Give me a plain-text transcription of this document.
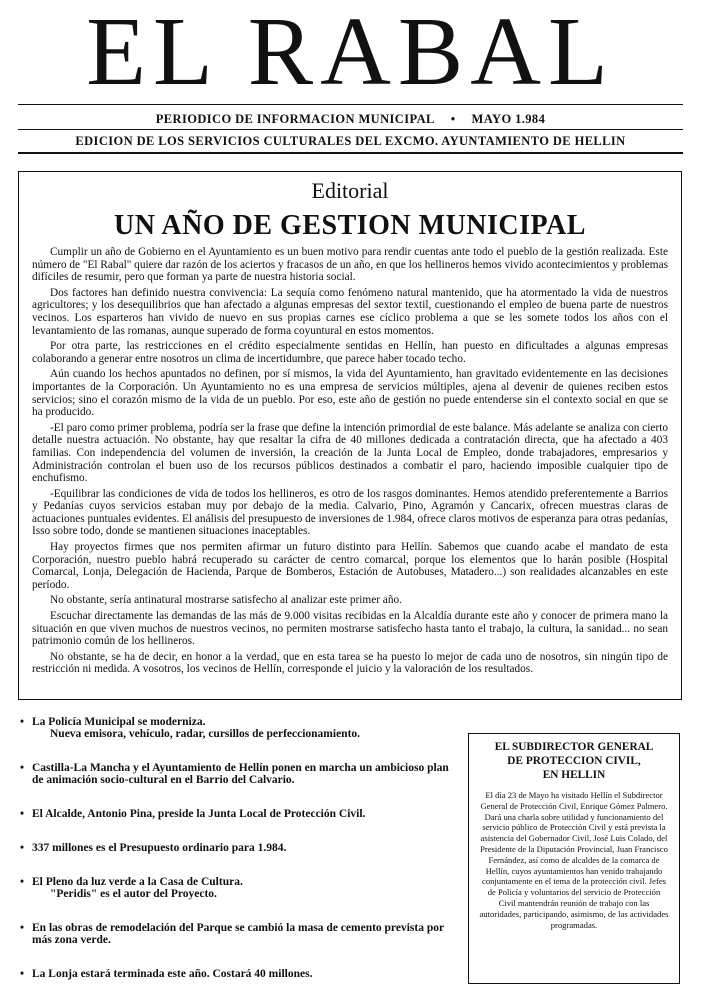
EL RABAL
PERIODICO DE INFORMACION MUNICIPAL • MAYO 1.984
EDICION DE LOS SERVICIOS CULTURALES DEL EXCMO. AYUNTAMIENTO DE HELLIN
Editorial
UN AÑO DE GESTION MUNICIPAL

Cumplir un año de Gobierno en el Ayuntamiento es un buen motivo para rendir cuentas ante todo el pueblo de la gestión realizada. Este número de "El Rabal" quiere dar razón de los aciertos y fracasos de un año, en que los hellineros hemos vivido acontecimientos y problemas difíciles de resumir, pero que forman ya parte de nuestra historia social.

Dos factores han definido nuestra convivencia: La sequía como fenómeno natural mantenido, que ha atormentado la vida de nuestros agricultores; y los desequilibrios que han afectado a algunas empresas del sextor textil, cuestionando el empleo de buena parte de nuestros vecinos. Los esparteros han vivido de nuevo en sus propias carnes ese cíclico problema a que se les somete todos los años con el levantamiento de las romanas, aunque superado de forma coyuntural en estos momentos.

Por otra parte, las restricciones en el crédito especialmente sentidas en Hellín, han puesto en dificultades a algunas empresas colaborando a generar entre nosotros un clima de incertidumbre, que parece haber tocado techo.

Aún cuando los hechos apuntados no definen, por sí mismos, la vida del Ayuntamiento, han gravitado evidentemente en las decisiones importantes de la Corporación. Un Ayuntamiento no es una empresa de servicios múltiples, ajena al devenir de quienes reciben estos servicios; sino el corazón mismo de la vida de un pueblo. Por eso, este año de gestión no puede entenderse sin el contexto social en que se ha producido.

-El paro como primer problema, podría ser la frase que define la intención primordial de este balance. Más adelante se analiza con cierto detalle nuestra actuación. No obstante, hay que resaltar la cifra de 40 millones dedicada a contratación directa, que ha afectado a 403 familias. Con independencia del volumen de inversión, la creación de la Junta Local de Empleo, donde trabajadores, empresarios y Administración controlan el buen uso de los recursos públicos destinados a combatir el paro, haciendo imposible cualquier tipo de enchufismo.

-Equilibrar las condiciones de vida de todos los hellineros, es otro de los rasgos dominantes. Hemos atendido preferentemente a Barrios y Pedanías cuyos servicios estaban muy por debajo de la media. Calvario, Pino, Agramón y Cancarix, ofrecen muestras claras de actuaciones puntuales evidentes. El análisis del presupuesto de inversiones de 1.984, ofrece claros motivos de esperanza para otras pedanías, Isso sobre todo, donde se mantienen situaciones inaceptables.

Hay proyectos firmes que nos permiten afirmar un futuro distinto para Hellín. Sabemos que cuando acabe el mandato de esta Corporación, nuestro pueblo habrá recuperado su carácter de centro comarcal, porque los elementos que lo harán posible (Hospital Comarcal, Lonja, Delegación de Hacienda, Parque de Bomberos, Estación de Autobuses, Matadero...) son realidades alcanzables en este período.

No obstante, sería antinatural mostrarse satisfecho al analizar este primer año.

Escuchar directamente las demandas de las más de 9.000 visitas recibidas en la Alcaldía durante este año y conocer de primera mano la situación en que viven muchos de nuestros vecinos, no permiten mostrarse satisfecho hasta tanto el trabajo, la cultura, la sanidad... no sean patrimonio común de los hellineros.

No obstante, se ha de decir, en honor a la verdad, que en esta tarea se ha puesto lo mejor de cada uno de nosotros, sin ningún tipo de restricción ni medida. A vosotros, los vecinos de Hellín, corresponde el juicio y la valoración de los resultados.

• La Policía Municipal se moderniza.
Nueva emisora, vehículo, radar, cursillos de perfeccionamiento.
• Castilla-La Mancha y el Ayuntamiento de Hellín ponen en marcha un ambicioso plan de animación socio-cultural en el Barrio del Calvario.
• El Alcalde, Antonio Pina, preside la Junta Local de Protección Civil.
• 337 millones es el Presupuesto ordinario para 1.984.
• El Pleno da luz verde a la Casa de Cultura.
"Peridis" es el autor del Proyecto.
• En las obras de remodelación del Parque se cambió la masa de cemento prevista por más zona verde.
• La Lonja estará terminada este año. Costará 40 millones.
EL SUBDIRECTOR GENERAL
DE PROTECCION CIVIL,
EN HELLIN
El día 23 de Mayo ha visitado Hellín el Subdirector General de Protección Civil, Enrique Gómez Palmero. Dará una charla sobre utilidad y funcionamiento del servicio público de Protección Civil y está prevista la asistencia del Gobernador Civil, José Luis Colado, del Presidente de la Diputación Provincial, Juan Francisco Fernández, así como de alcaldes de la comarca de Hellín, cuyos ayuntamientos han venido trabajando conjuntamente en el tema de la protección civil. Jefes de Policía y voluntarios del servicio de Protección Civil mantendrán reunión de trabajo con las autoridades, participando, asimismo, de las actividades programadas.
